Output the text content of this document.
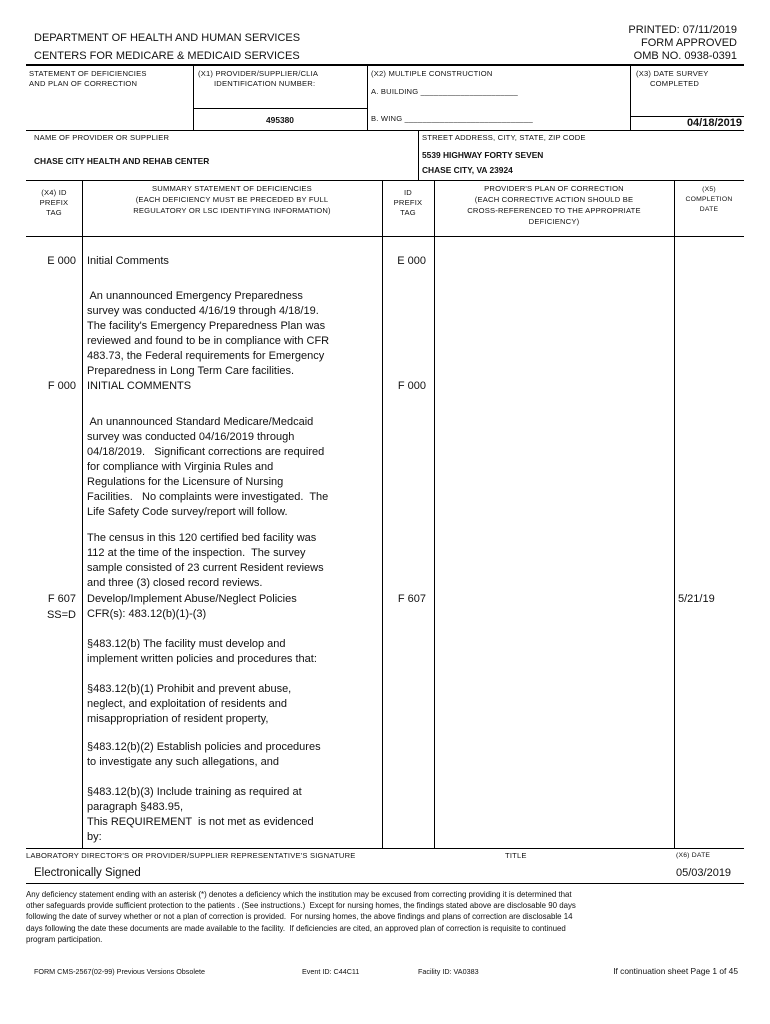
DEPARTMENT OF HEALTH AND HUMAN SERVICES
CENTERS FOR MEDICARE & MEDICAID SERVICES
PRINTED: 07/11/2019
FORM APPROVED
OMB NO. 0938-0391
STATEMENT OF DEFICIENCIES
AND PLAN OF CORRECTION
(X1) PROVIDER/SUPPLIER/CLIA
IDENTIFICATION NUMBER:
495380
(X2) MULTIPLE CONSTRUCTION
A. BUILDING ______________________
B. WING _____________________________
(X3) DATE SURVEY
COMPLETED
04/18/2019
NAME OF PROVIDER OR SUPPLIER
CHASE CITY HEALTH AND REHAB CENTER
STREET ADDRESS, CITY, STATE, ZIP CODE
5539 HIGHWAY FORTY SEVEN
CHASE CITY, VA 23924
(X4) ID
PREFIX
TAG
SUMMARY STATEMENT OF DEFICIENCIES
(EACH DEFICIENCY MUST BE PRECEDED BY FULL
REGULATORY OR LSC IDENTIFYING INFORMATION)
ID
PREFIX
TAG
PROVIDER'S PLAN OF CORRECTION
(EACH CORRECTIVE ACTION SHOULD BE
CROSS-REFERENCED TO THE APPROPRIATE
DEFICIENCY)
(X5)
COMPLETION
DATE
E 000 Initial Comments	E 000
An unannounced Emergency Preparedness
survey was conducted 4/16/19 through 4/18/19.
The facility's Emergency Preparedness Plan was
reviewed and found to be in compliance with CFR
483.73, the Federal requirements for Emergency
Preparedness in Long Term Care facilities.
F 000 INITIAL COMMENTS	F 000
An unannounced Standard Medicare/Medcaid
survey was conducted 04/16/2019 through
04/18/2019.   Significant corrections are required
for compliance with Virginia Rules and
Regulations for the Licensure of Nursing
Facilities.   No complaints were investigated.  The
Life Safety Code survey/report will follow.
The census in this 120 certified bed facility was
112 at the time of the inspection.  The survey
sample consisted of 23 current Resident reviews
and three (3) closed record reviews.
F 607
SS=D
Develop/Implement Abuse/Neglect Policies
CFR(s): 483.12(b)(1)-(3)
F 607	5/21/19
§483.12(b) The facility must develop and
implement written policies and procedures that:
§483.12(b)(1) Prohibit and prevent abuse,
neglect, and exploitation of residents and
misappropriation of resident property,
§483.12(b)(2) Establish policies and procedures
to investigate any such allegations, and
§483.12(b)(3) Include training as required at
paragraph §483.95,
This REQUIREMENT  is not met as evidenced
by:
LABORATORY DIRECTOR'S OR PROVIDER/SUPPLIER REPRESENTATIVE'S SIGNATURE	TITLE	(X6) DATE
Electronically Signed	05/03/2019
Any deficiency statement ending with an asterisk (*) denotes a deficiency which the institution may be excused from correcting providing it is determined that
other safeguards provide sufficient protection to the patients . (See instructions.)  Except for nursing homes, the findings stated above are disclosable 90 days
following the date of survey whether or not a plan of correction is provided.  For nursing homes, the above findings and plans of correction are disclosable 14
days following the date these documents are made available to the facility.  If deficiencies are cited, an approved plan of correction is requisite to continued
program participation.
FORM CMS-2567(02-99) Previous Versions Obsolete	Event ID: C44C11	Facility ID: VA0383	If continuation sheet Page 1 of 45
